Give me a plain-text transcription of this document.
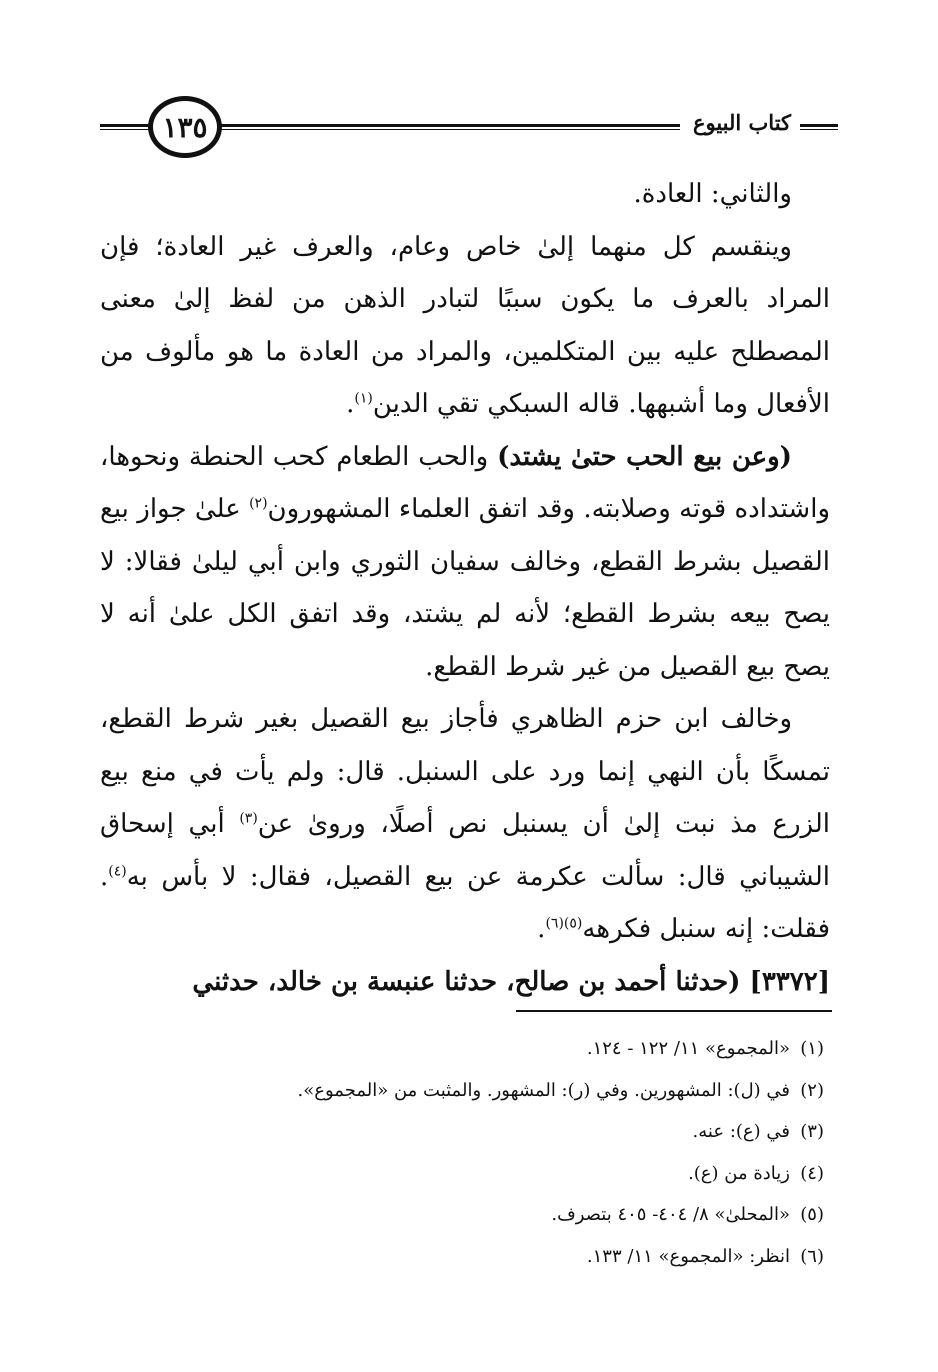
١٣٥	كتاب البيوع

والثاني: العادة.

وينقسم كل منهما إلىٰ خاص وعام، والعرف غير العادة؛ فإن المراد بالعرف ما يكون سببًا لتبادر الذهن من لفظ إلىٰ معنى المصطلح عليه بين المتكلمين، والمراد من العادة ما هو مألوف من الأفعال وما أشبهها. قاله السبكي تقي الدين$^{(١)}$.

(وعن بيع الحب حتىٰ يشتد) والحب الطعام كحب الحنطة ونحوها، واشتداده قوته وصلابته. وقد اتفق العلماء المشهورون$^{(٢)}$ علىٰ جواز بيع القصيل بشرط القطع، وخالف سفيان الثوري وابن أبي ليلىٰ فقالا: لا يصح بيعه بشرط القطع؛ لأنه لم يشتد، وقد اتفق الكل علىٰ أنه لا يصح بيع القصيل من غير شرط القطع.

وخالف ابن حزم الظاهري فأجاز بيع القصيل بغير شرط القطع، تمسكًا بأن النهي إنما ورد على السنبل. قال: ولم يأت في منع بيع الزرع مذ نبت إلىٰ أن يسنبل نص أصلًا، وروىٰ عن$^{(٣)}$ أبي إسحاق الشيباني قال: سألت عكرمة عن بيع القصيل، فقال: لا بأس به$^{(٤)}$. فقلت: إنه سنبل فكرهه$^{(٥)(٦)}$.

[٣٣٧٢] (حدثنا أحمد بن صالح، حدثنا عنبسة بن خالد، حدثني

(١)«المجموع» ١١/ ١٢٢ - ١٢٤.
(٢)في (ل): المشهورين. وفي (ر): المشهور. والمثبت من «المجموع».
(٣)في (ع): عنه.
(٤)زيادة من (ع).
(٥)«المحلىٰ» ٨/ ٤٠٤- ٤٠٥ بتصرف.
(٦)انظر: «المجموع» ١١/ ١٣٣.
